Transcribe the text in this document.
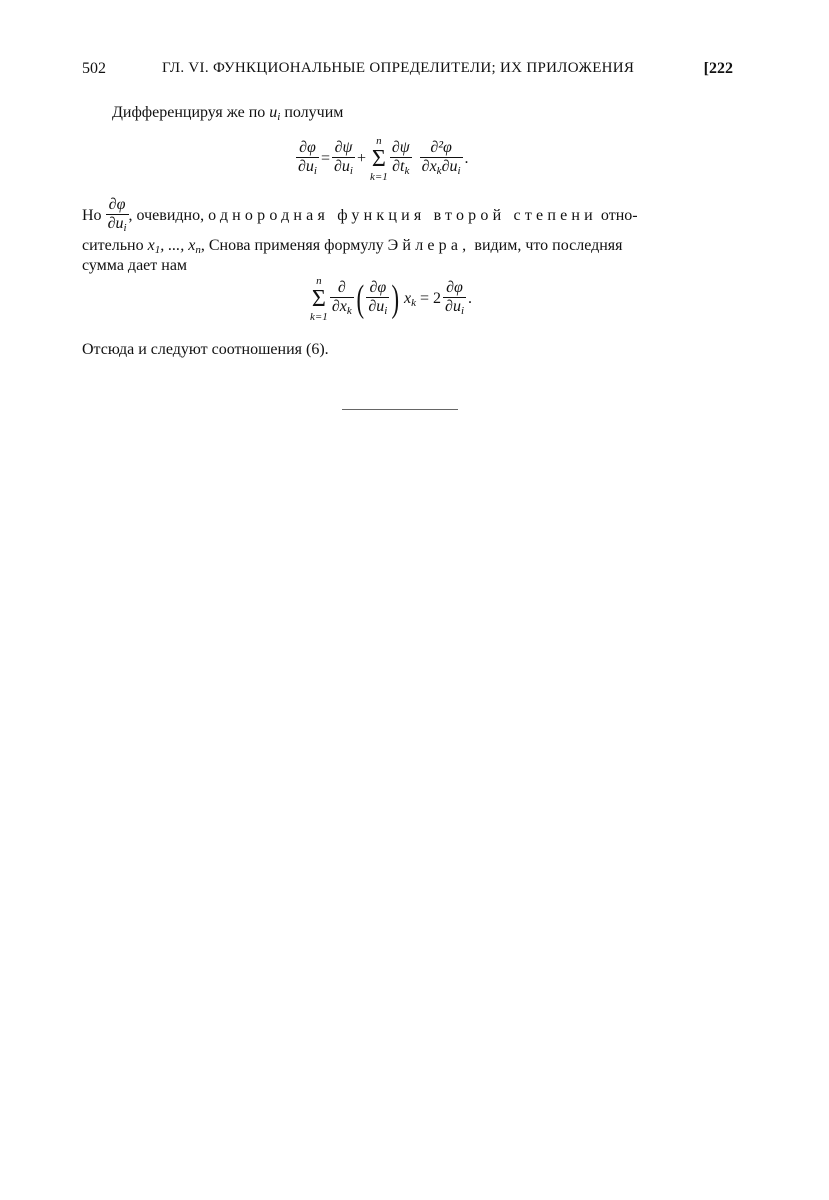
502	ГЛ. VI. ФУНКЦИОНАЛЬНЫЕ ОПРЕДЕЛИТЕЛИ; ИХ ПРИЛОЖЕНИЯ	[222
Дифференцируя же по $u_i$ получим
$\frac{\partial\varphi}{\partial u_i} = \frac{\partial\psi}{\partial u_i}$ +
n
Σ
$k=1 \frac{\partial\psi}{\partial t_k}$
$\frac{\text{∂²φ}}{\partial x_k\partial u_i}$ .
Но $\frac{\partial\varphi}{\partial u_i}$ , очевидно, однородная функция второй степени отно-
сительно $x_1$, ..., $x_n$, Снова применяя формулу Эйлера, видим, что последняя
сумма дает нам
n
Σ
$k=1 \frac{\partial}{\partial x_k}$ ( $\frac{\partial\varphi}{\partial u_i}$ ) $x_k = 2 \frac{\partial\varphi}{\partial u_i}$ .
Отсюда и следуют соотношения (6).
